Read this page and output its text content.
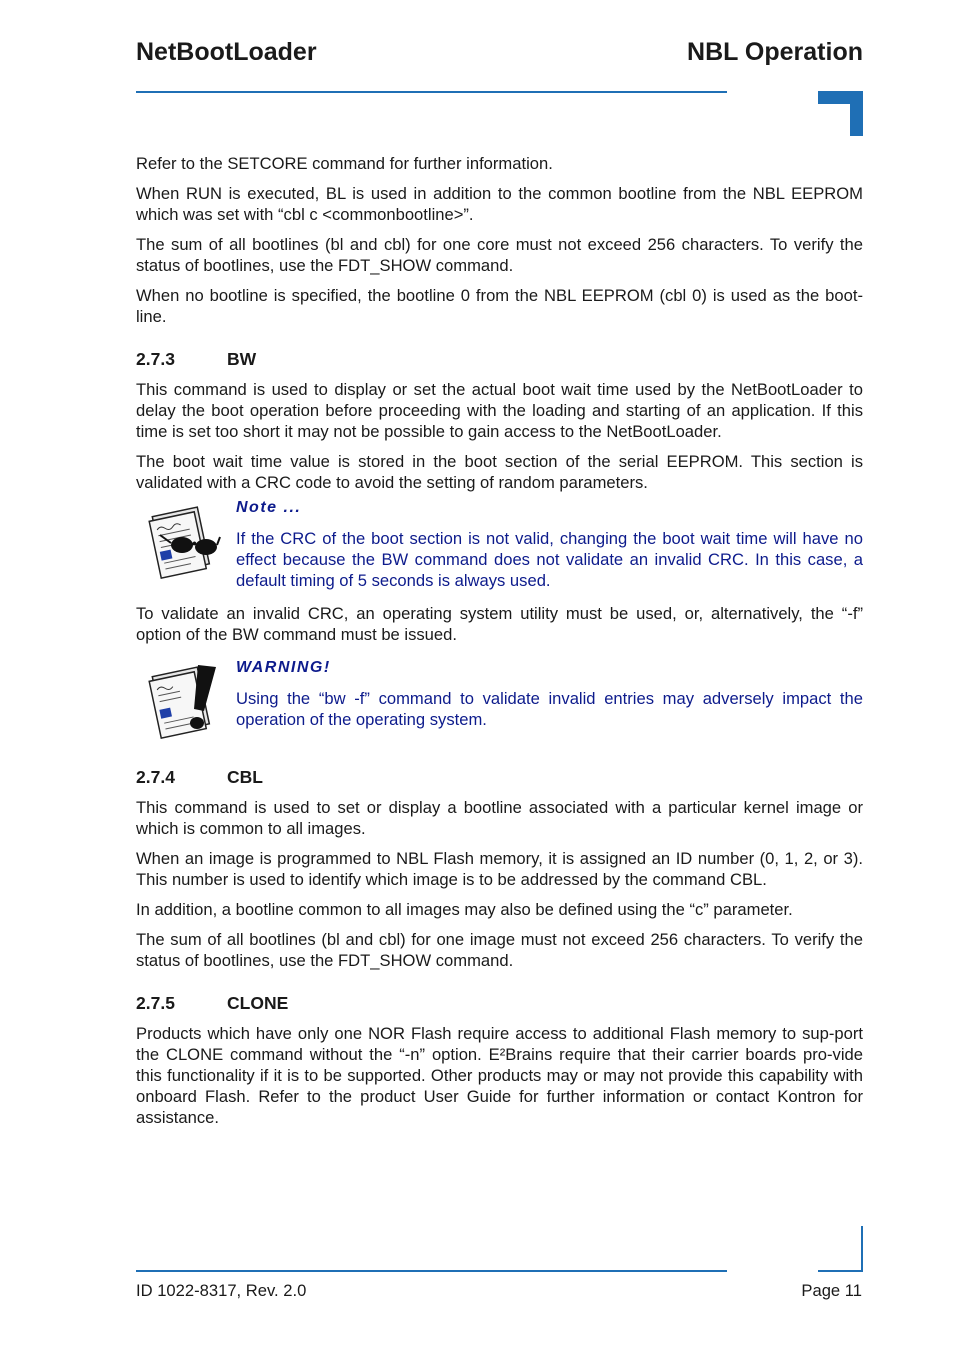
NetBootLoader	NBL Operation

Refer to the SETCORE command for further information.

When RUN is executed, BL is used in addition to the common bootline from the NBL EEPROM which was set with “cbl c <commonbootline>”.

The sum of all bootlines (bl and cbl) for one core must not exceed 256 characters. To verify the status of bootlines, use the FDT_SHOW command.

When no bootline is specified, the bootline 0 from the NBL EEPROM (cbl 0) is used as the boot-line.

2.7.3	BW

This command is used to display or set the actual boot wait time used by the NetBootLoader to delay the boot operation before proceeding with the loading and starting of an application. If this time is set too short it may not be possible to gain access to the NetBootLoader.

The boot wait time value is stored in the boot section of the serial EEPROM. This section is validated with a CRC code to avoid the setting of random parameters.

Note ...

If the CRC of the boot section is not valid, changing the boot wait time will have no effect because the BW command does not validate an invalid CRC. In this case, a default timing of 5 seconds is always used.

To validate an invalid CRC, an operating system utility must be used, or, alternatively, the “-f” option of the BW command must be issued.

WARNING!

Using the “bw -f” command to validate invalid entries may adversely impact the operation of the operating system.

2.7.4	CBL

This command is used to set or display a bootline associated with a particular kernel image or which is common to all images.

When an image is programmed to NBL Flash memory, it is assigned an ID number (0, 1, 2, or 3). This number is used to identify which image is to be addressed by the command CBL.

In addition, a bootline common to all images may also be defined using the “c” parameter.

The sum of all bootlines (bl and cbl) for one image must not exceed 256 characters. To verify the status of bootlines, use the FDT_SHOW command.

2.7.5	CLONE

Products which have only one NOR Flash require access to additional Flash memory to sup-port the CLONE command without the “-n” option. E²Brains require that their carrier boards pro-vide this functionality if it is to be supported. Other products may or may not provide this capability with onboard Flash. Refer to the product User Guide for further information or contact Kontron for assistance.

ID 1022-8317, Rev. 2.0	Page 11
